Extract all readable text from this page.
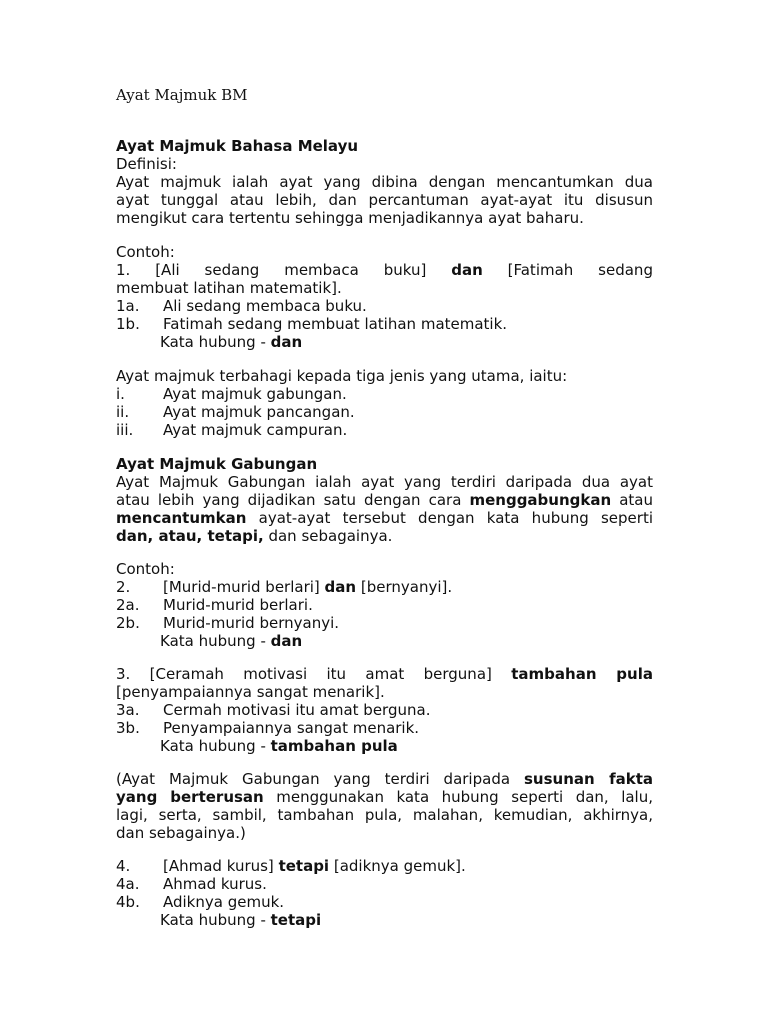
Ayat Majmuk BM
Ayat Majmuk Bahasa Melayu
Definisi:
Ayat majmuk ialah ayat yang dibina dengan mencantumkan dua
ayat tunggal atau lebih, dan percantuman ayat-ayat itu disusun
mengikut cara tertentu sehingga menjadikannya ayat baharu.
Contoh:
1. [Ali sedang membaca buku] dan [Fatimah sedang
membuat latihan matematik].
1a. Ali sedang membaca buku.
1b. Fatimah sedang membuat latihan matematik.
Kata hubung - dan
Ayat majmuk terbahagi kepada tiga jenis yang utama, iaitu:
i.	Ayat majmuk gabungan.
ii. Ayat majmuk pancangan.
iii. Ayat majmuk campuran.
Ayat Majmuk Gabungan
Ayat Majmuk Gabungan ialah ayat yang terdiri daripada dua ayat
atau lebih yang dijadikan satu dengan cara menggabungkan atau
mencantumkan ayat-ayat tersebut dengan kata hubung seperti
dan, atau, tetapi, dan sebagainya.
Contoh:
2. [Murid-murid berlari] dan [bernyanyi].
2a. Murid-murid berlari.
2b. Murid-murid bernyanyi.
Kata hubung - dan
3. [Ceramah motivasi itu amat berguna] tambahan pula
[penyampaiannya sangat menarik].
3a. Cermah motivasi itu amat berguna.
3b. Penyampaiannya sangat menarik.
Kata hubung - tambahan pula
(Ayat Majmuk Gabungan yang terdiri daripada susunan fakta
yang berterusan menggunakan kata hubung seperti dan, lalu,
lagi, serta, sambil, tambahan pula, malahan, kemudian, akhirnya,
dan sebagainya.)
4. [Ahmad kurus] tetapi [adiknya gemuk].
4a. Ahmad kurus.
4b. Adiknya gemuk.
Kata hubung - tetapi
